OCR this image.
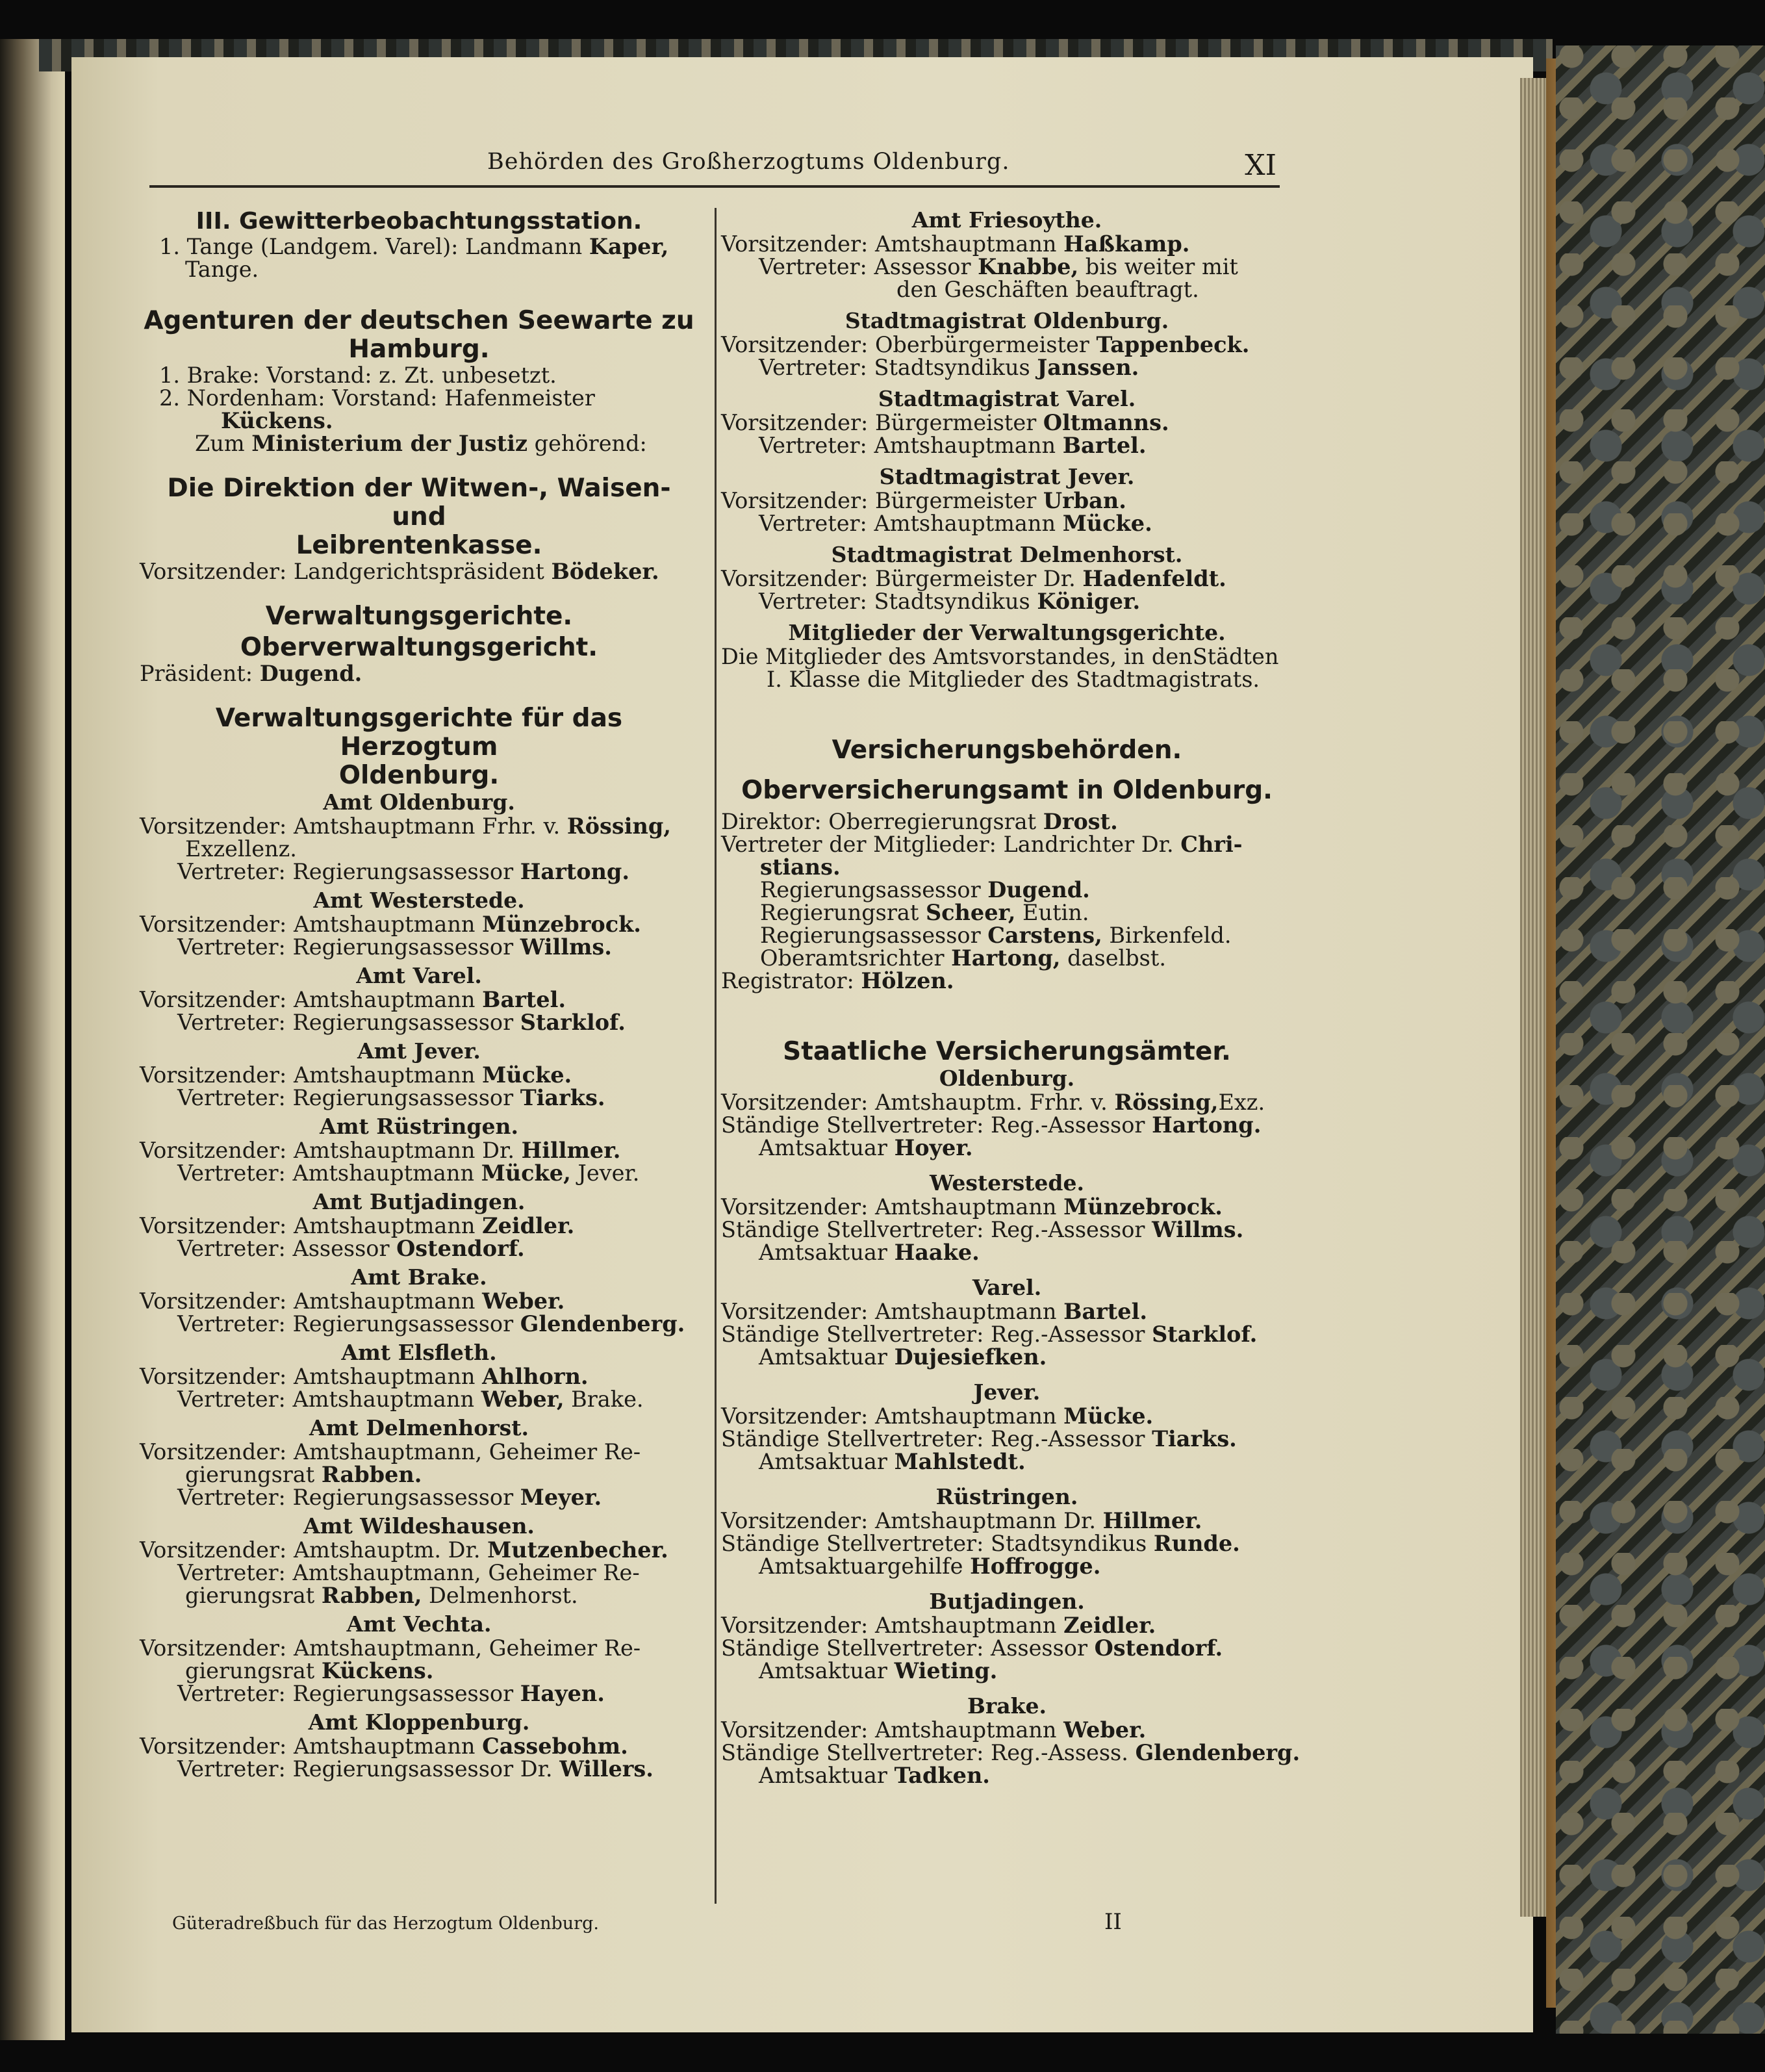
Behörden des Großherzogtums Oldenburg.	XI

III. Gewitterbeobachtungsstation.

1. Tange (Landgem. Varel): Landmann Kaper,

Tange.

Agenturen der deutschen Seewarte zu

Hamburg.

1. Brake: Vorstand: z. Zt. unbesetzt.

2. Nordenham: Vorstand: Hafenmeister

Kückens.

Zum Ministerium der Justiz gehörend:

Die Direktion der Witwen-, Waisen- und

Leibrentenkasse.

Vorsitzender: Landgerichtspräsident Bödeker.

Verwaltungsgerichte.

Oberverwaltungsgericht.

Präsident: Dugend.

Verwaltungsgerichte für das Herzogtum

Oldenburg.

Amt Oldenburg.

Vorsitzender: Amtshauptmann Frhr. v. Rössing,

Exzellenz.

Vertreter: Regierungsassessor Hartong.

Amt Westerstede.

Vorsitzender: Amtshauptmann Münzebrock.

Vertreter: Regierungsassessor Willms.

Amt Varel.

Vorsitzender: Amtshauptmann Bartel.

Vertreter: Regierungsassessor Starklof.

Amt Jever.

Vorsitzender: Amtshauptmann Mücke.

Vertreter: Regierungsassessor Tiarks.

Amt Rüstringen.

Vorsitzender: Amtshauptmann Dr. Hillmer.

Vertreter: Amtshauptmann Mücke, Jever.

Amt Butjadingen.

Vorsitzender: Amtshauptmann Zeidler.

Vertreter: Assessor Ostendorf.

Amt Brake.

Vorsitzender: Amtshauptmann Weber.

Vertreter: Regierungsassessor Glendenberg.

Amt Elsfleth.

Vorsitzender: Amtshauptmann Ahlhorn.

Vertreter: Amtshauptmann Weber, Brake.

Amt Delmenhorst.

Vorsitzender: Amtshauptmann, Geheimer Re-

gierungsrat Rabben.

Vertreter: Regierungsassessor Meyer.

Amt Wildeshausen.

Vorsitzender: Amtshauptm. Dr. Mutzenbecher.

Vertreter: Amtshauptmann, Geheimer Re-

gierungsrat Rabben, Delmenhorst.

Amt Vechta.

Vorsitzender: Amtshauptmann, Geheimer Re-

gierungsrat Kückens.

Vertreter: Regierungsassessor Hayen.

Amt Kloppenburg.

Vorsitzender: Amtshauptmann Cassebohm.

Vertreter: Regierungsassessor Dr. Willers.

Amt Friesoythe.

Vorsitzender: Amtshauptmann Haßkamp.

Vertreter: Assessor Knabbe, bis weiter mit

den Geschäften beauftragt.

Stadtmagistrat Oldenburg.

Vorsitzender: Oberbürgermeister Tappenbeck.

Vertreter: Stadtsyndikus Janssen.

Stadtmagistrat Varel.

Vorsitzender: Bürgermeister Oltmanns.

Vertreter: Amtshauptmann Bartel.

Stadtmagistrat Jever.

Vorsitzender: Bürgermeister Urban.

Vertreter: Amtshauptmann Mücke.

Stadtmagistrat Delmenhorst.

Vorsitzender: Bürgermeister Dr. Hadenfeldt.

Vertreter: Stadtsyndikus Königer.

Mitglieder der Verwaltungsgerichte.

Die Mitglieder des Amtsvorstandes, in denStädten

I. Klasse die Mitglieder des Stadtmagistrats.

Versicherungsbehörden.

Oberversicherungsamt in Oldenburg.

Direktor: Oberregierungsrat Drost.

Vertreter der Mitglieder: Landrichter Dr. Chri-

stians.

Regierungsassessor Dugend.

Regierungsrat Scheer, Eutin.

Regierungsassessor Carstens, Birkenfeld.

Oberamtsrichter Hartong, daselbst.

Registrator: Hölzen.

Staatliche Versicherungsämter.

Oldenburg.

Vorsitzender: Amtshauptm. Frhr. v. Rössing,Exz.

Ständige Stellvertreter: Reg.-Assessor Hartong.

Amtsaktuar Hoyer.

Westerstede.

Vorsitzender: Amtshauptmann Münzebrock.

Ständige Stellvertreter: Reg.-Assessor Willms.

Amtsaktuar Haake.

Varel.

Vorsitzender: Amtshauptmann Bartel.

Ständige Stellvertreter: Reg.-Assessor Starklof.

Amtsaktuar Dujesiefken.

Jever.

Vorsitzender: Amtshauptmann Mücke.

Ständige Stellvertreter: Reg.-Assessor Tiarks.

Amtsaktuar Mahlstedt.

Rüstringen.

Vorsitzender: Amtshauptmann Dr. Hillmer.

Ständige Stellvertreter: Stadtsyndikus Runde.

Amtsaktuargehilfe Hoffrogge.

Butjadingen.

Vorsitzender: Amtshauptmann Zeidler.

Ständige Stellvertreter: Assessor Ostendorf.

Amtsaktuar Wieting.

Brake.

Vorsitzender: Amtshauptmann Weber.

Ständige Stellvertreter: Reg.-Assess. Glendenberg.

Amtsaktuar Tadken.

Güteradreßbuch für das Herzogtum Oldenburg.	II
